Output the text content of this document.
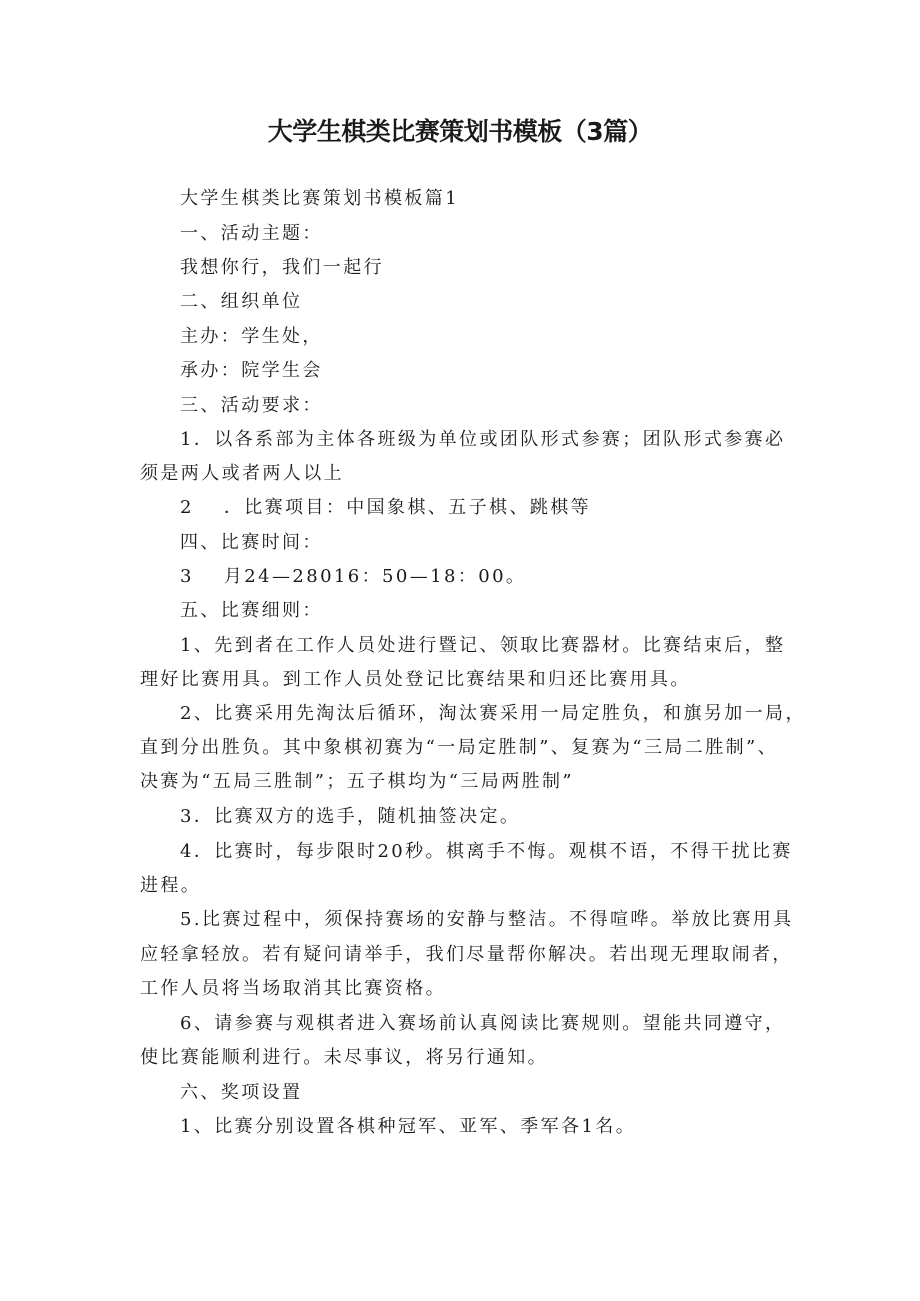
大学生棋类比赛策划书模板（3篇）
大学生棋类比赛策划书模板篇1
一、活动主题：
我想你行，我们一起行
二、组织单位
主办：学生处，
承办：院学生会
三、活动要求：
1．以各系部为主体各班级为单位或团队形式参赛；团队形式参赛必
须是两人或者两人以上
2 ．比赛项目：中国象棋、五子棋、跳棋等
四、比赛时间：
3 月24—28016：50—18：00。
五、比赛细则：
1、先到者在工作人员处进行暨记、领取比赛器材。比赛结束后，整
理好比赛用具。到工作人员处登记比赛结果和归还比赛用具。
2、比赛采用先淘汰后循环，淘汰赛采用一局定胜负，和旗另加一局，
直到分出胜负。其中象棋初赛为“一局定胜制”、复赛为“三局二胜制”、
决赛为“五局三胜制”；五子棋均为“三局两胜制”
3．比赛双方的选手，随机抽签决定。
4．比赛时，每步限时20秒。棋离手不悔。观棋不语，不得干扰比赛
进程。
5.比赛过程中，须保持赛场的安静与整洁。不得喧哗。举放比赛用具
应轻拿轻放。若有疑问请举手，我们尽量帮你解决。若出现无理取闹者，
工作人员将当场取消其比赛资格。
6、请参赛与观棋者进入赛场前认真阅读比赛规则。望能共同遵守，
使比赛能顺利进行。未尽事议，将另行通知。
六、奖项设置
1、比赛分别设置各棋种冠军、亚军、季军各1名。
